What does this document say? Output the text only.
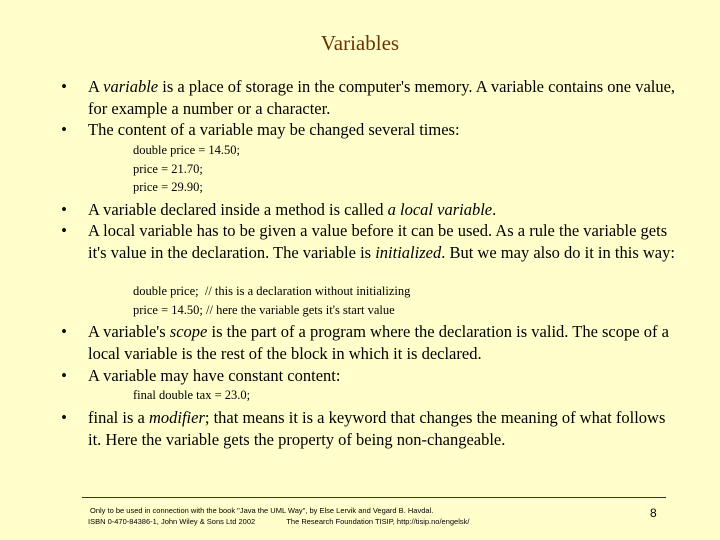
Variables
• A variable is a place of storage in the computer's memory. A variable contains one value, for example a number or a character.
• The content of a variable may be changed several times:
double price = 14.50;
price = 21.70;
price = 29.90;
• A variable declared inside a method is called a local variable.
• A local variable has to be given a value before it can be used. As a rule the variable gets it's value in the declaration. The variable is initialized. But we may also do it in this way:
double price;  // this is a declaration without initializing
price = 14.50; // here the variable gets it's start value
• A variable's scope is the part of a program where the declaration is valid. The scope of a local variable is the rest of the block in which it is declared.
• A variable may have constant content:
final double tax = 23.0;
• final is a modifier; that means it is a keyword that changes the meaning of what follows it. Here the variable gets the property of being non-changeable.
Only to be used in connection with the book "Java the UML Way", by Else Lervik and Vegard B. Havdal.
ISBN 0-470-84386-1, John Wiley & Sons Ltd 2002	The Research Foundation TISIP, http://tisip.no/engelsk/
8
